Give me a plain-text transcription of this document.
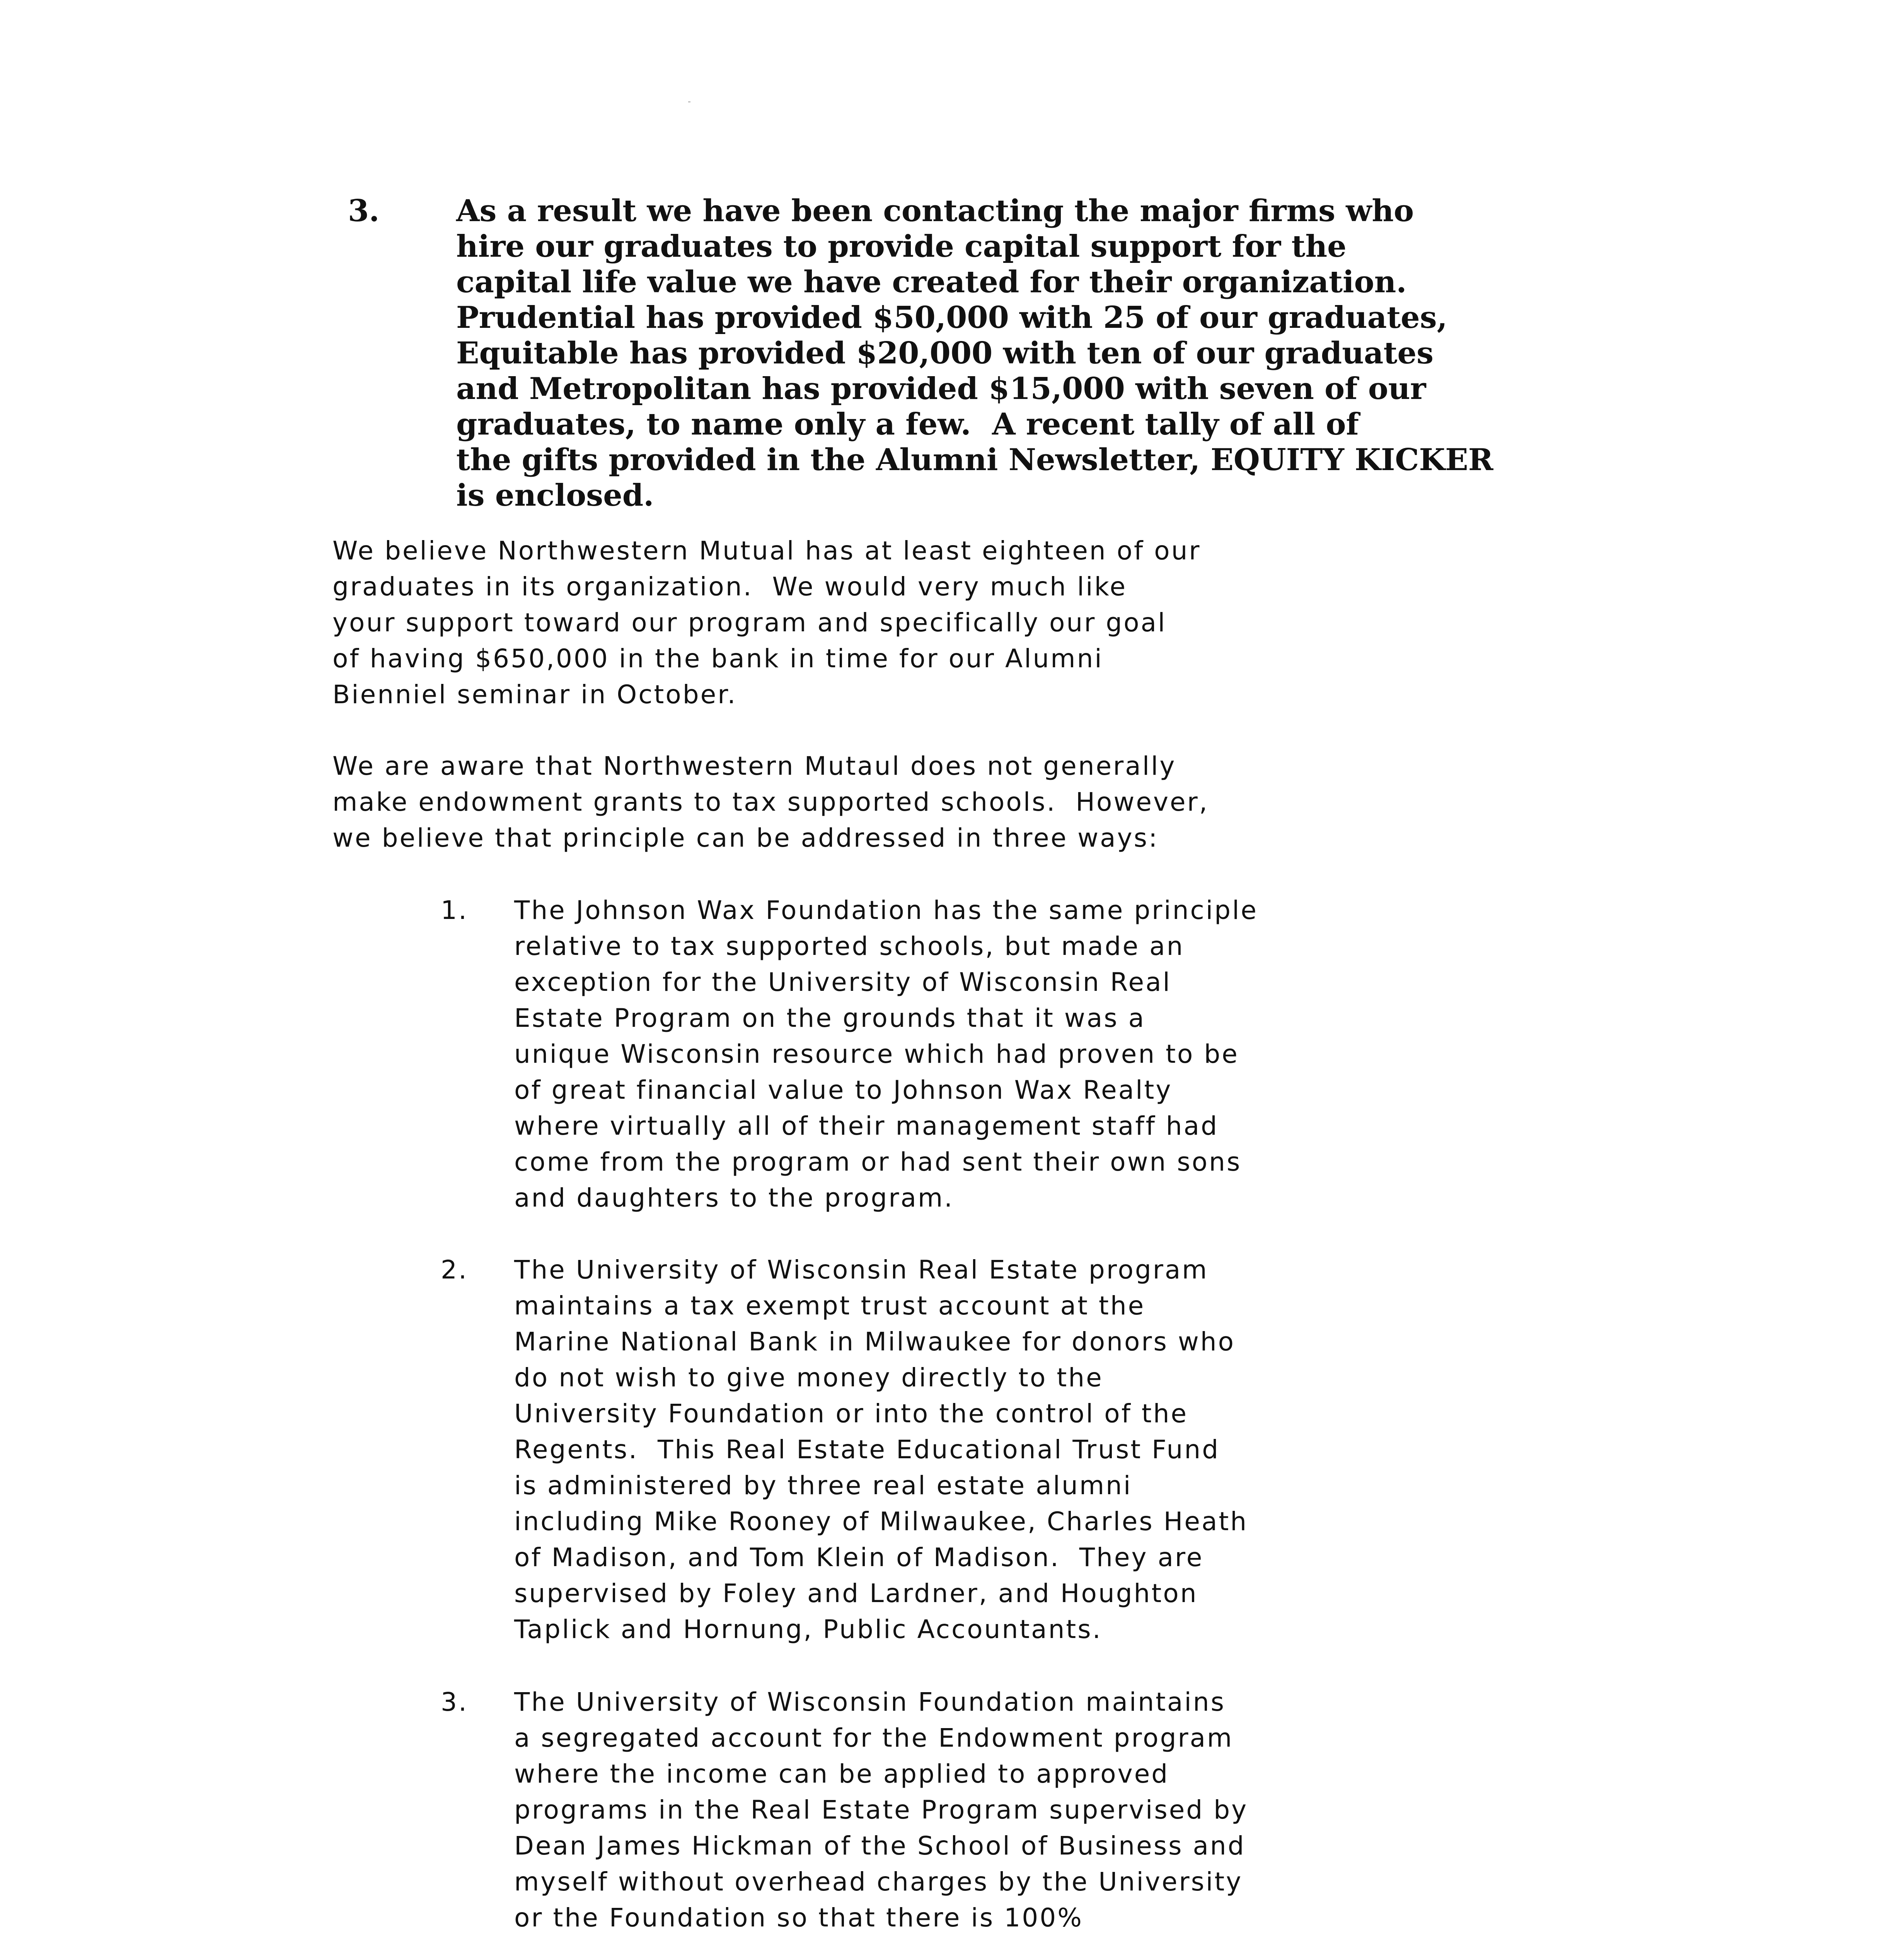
3.	As a result we have been contacting the major firms who
hire our graduates to provide capital support for the
capital life value we have created for their organization.
Prudential has provided $50,000 with 25 of our graduates,
Equitable has provided $20,000 with ten of our graduates
and Metropolitan has provided $15,000 with seven of our
graduates, to name only a few.  A recent tally of all of
the gifts provided in the Alumni Newsletter, EQUITY KICKER
is enclosed.
We believe Northwestern Mutual has at least eighteen of our
graduates in its organization.  We would very much like
your support toward our program and specifically our goal
of having $650,000 in the bank in time for our Alumni
Bienniel seminar in October.
We are aware that Northwestern Mutaul does not generally
make endowment grants to tax supported schools.  However,
we believe that principle can be addressed in three ways:
1. The Johnson Wax Foundation has the same principle
relative to tax supported schools, but made an
exception for the University of Wisconsin Real
Estate Program on the grounds that it was a
unique Wisconsin resource which had proven to be
of great financial value to Johnson Wax Realty
where virtually all of their management staff had
come from the program or had sent their own sons
and daughters to the program.
2. The University of Wisconsin Real Estate program
maintains a tax exempt trust account at the
Marine National Bank in Milwaukee for donors who
do not wish to give money directly to the
University Foundation or into the control of the
Regents.  This Real Estate Educational Trust Fund
is administered by three real estate alumni
including Mike Rooney of Milwaukee, Charles Heath
of Madison, and Tom Klein of Madison.  They are
supervised by Foley and Lardner, and Houghton
Taplick and Hornung, Public Accountants.
3. The University of Wisconsin Foundation maintains
a segregated account for the Endowment program
where the income can be applied to approved
programs in the Real Estate Program supervised by
Dean James Hickman of the School of Business and
myself without overhead charges by the University
or the Foundation so that there is 100%
